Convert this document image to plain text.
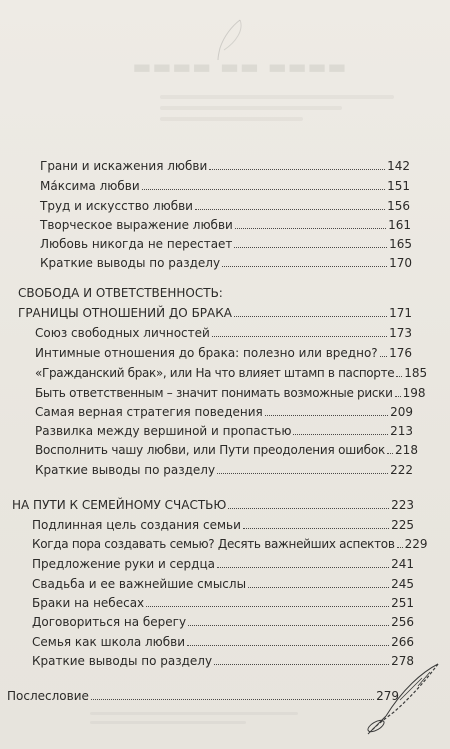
▬▬▬▬ ▬▬ ▬▬▬▬
Грани и искажения любви	142
Ма́ксима любви	151
Труд и искусство любви	156
Творческое выражение любви	161
Любовь никогда не перестает	165
Краткие выводы по разделу	170
СВОБОДА И ОТВЕТСТВЕННОСТЬ:
ГРАНИЦЫ ОТНОШЕНИЙ ДО БРАКА	171
Союз свободных личностей	173
Интимные отношения до брака: полезно или вредно? 176
«Гражданский брак», или На что влияет штамп в паспорте 185
Быть ответственным – значит понимать возможные риски 198
Самая верная стратегия поведения	209
Развилка между вершиной и пропастью	213
Восполнить чашу любви, или Пути преодоления ошибок 218
Краткие выводы по разделу	222
НА ПУТИ К СЕМЕЙНОМУ СЧАСТЬЮ	223
Подлинная цель создания семьи	225
Когда пора создавать семью? Десять важнейших аспектов 229
Предложение руки и сердца	241
Свадьба и ее важнейшие смыслы	245
Браки на небесах	251
Договориться на берегу	256
Семья как школа любви	266
Краткие выводы по разделу	278
Послесловие	279
